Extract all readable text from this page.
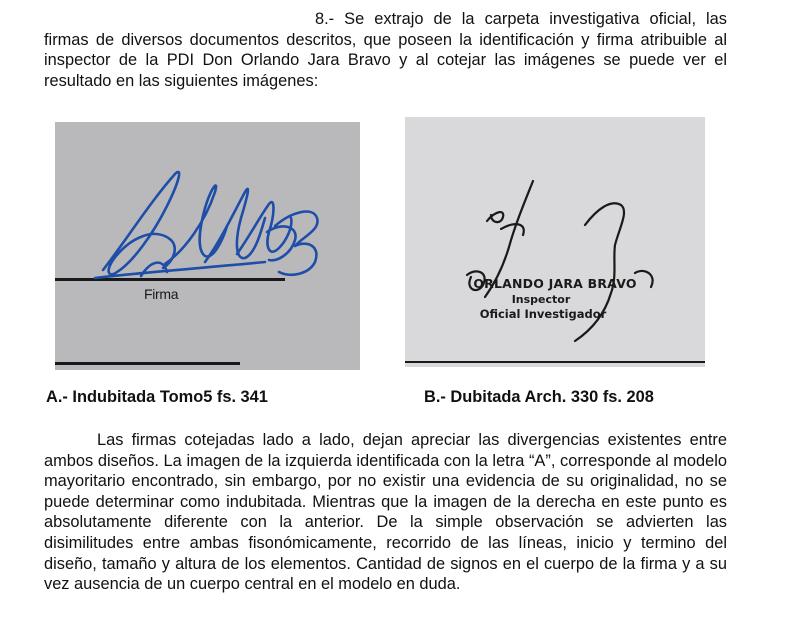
8.- Se extrajo de la carpeta investigativa oficial, las firmas de diversos documentos descritos, que poseen la identificación y firma atribuible al inspector de la PDI Don Orlando Jara Bravo y al cotejar las imágenes se puede ver el resultado en las siguientes imágenes:

Firma
ORLANDO JARA BRAVO
Inspector
Oficial Investigador
A.- Indubitada Tomo5 fs. 341	B.- Dubitada Arch. 330 fs. 208

Las firmas cotejadas lado a lado, dejan apreciar las divergencias existentes entre ambos diseños. La imagen de la izquierda identificada con la letra “A”, corresponde al modelo mayoritario encontrado, sin embargo, por no existir una evidencia de su originalidad, no se puede determinar como indubitada. Mientras que la imagen de la derecha en este punto es absolutamente diferente con la anterior. De la simple observación se advierten las disimilitudes entre ambas fisonómicamente, recorrido de las líneas, inicio y termino del diseño, tamaño y altura de los elementos. Cantidad de signos en el cuerpo de la firma y a su vez ausencia de un cuerpo central en el modelo en duda.
